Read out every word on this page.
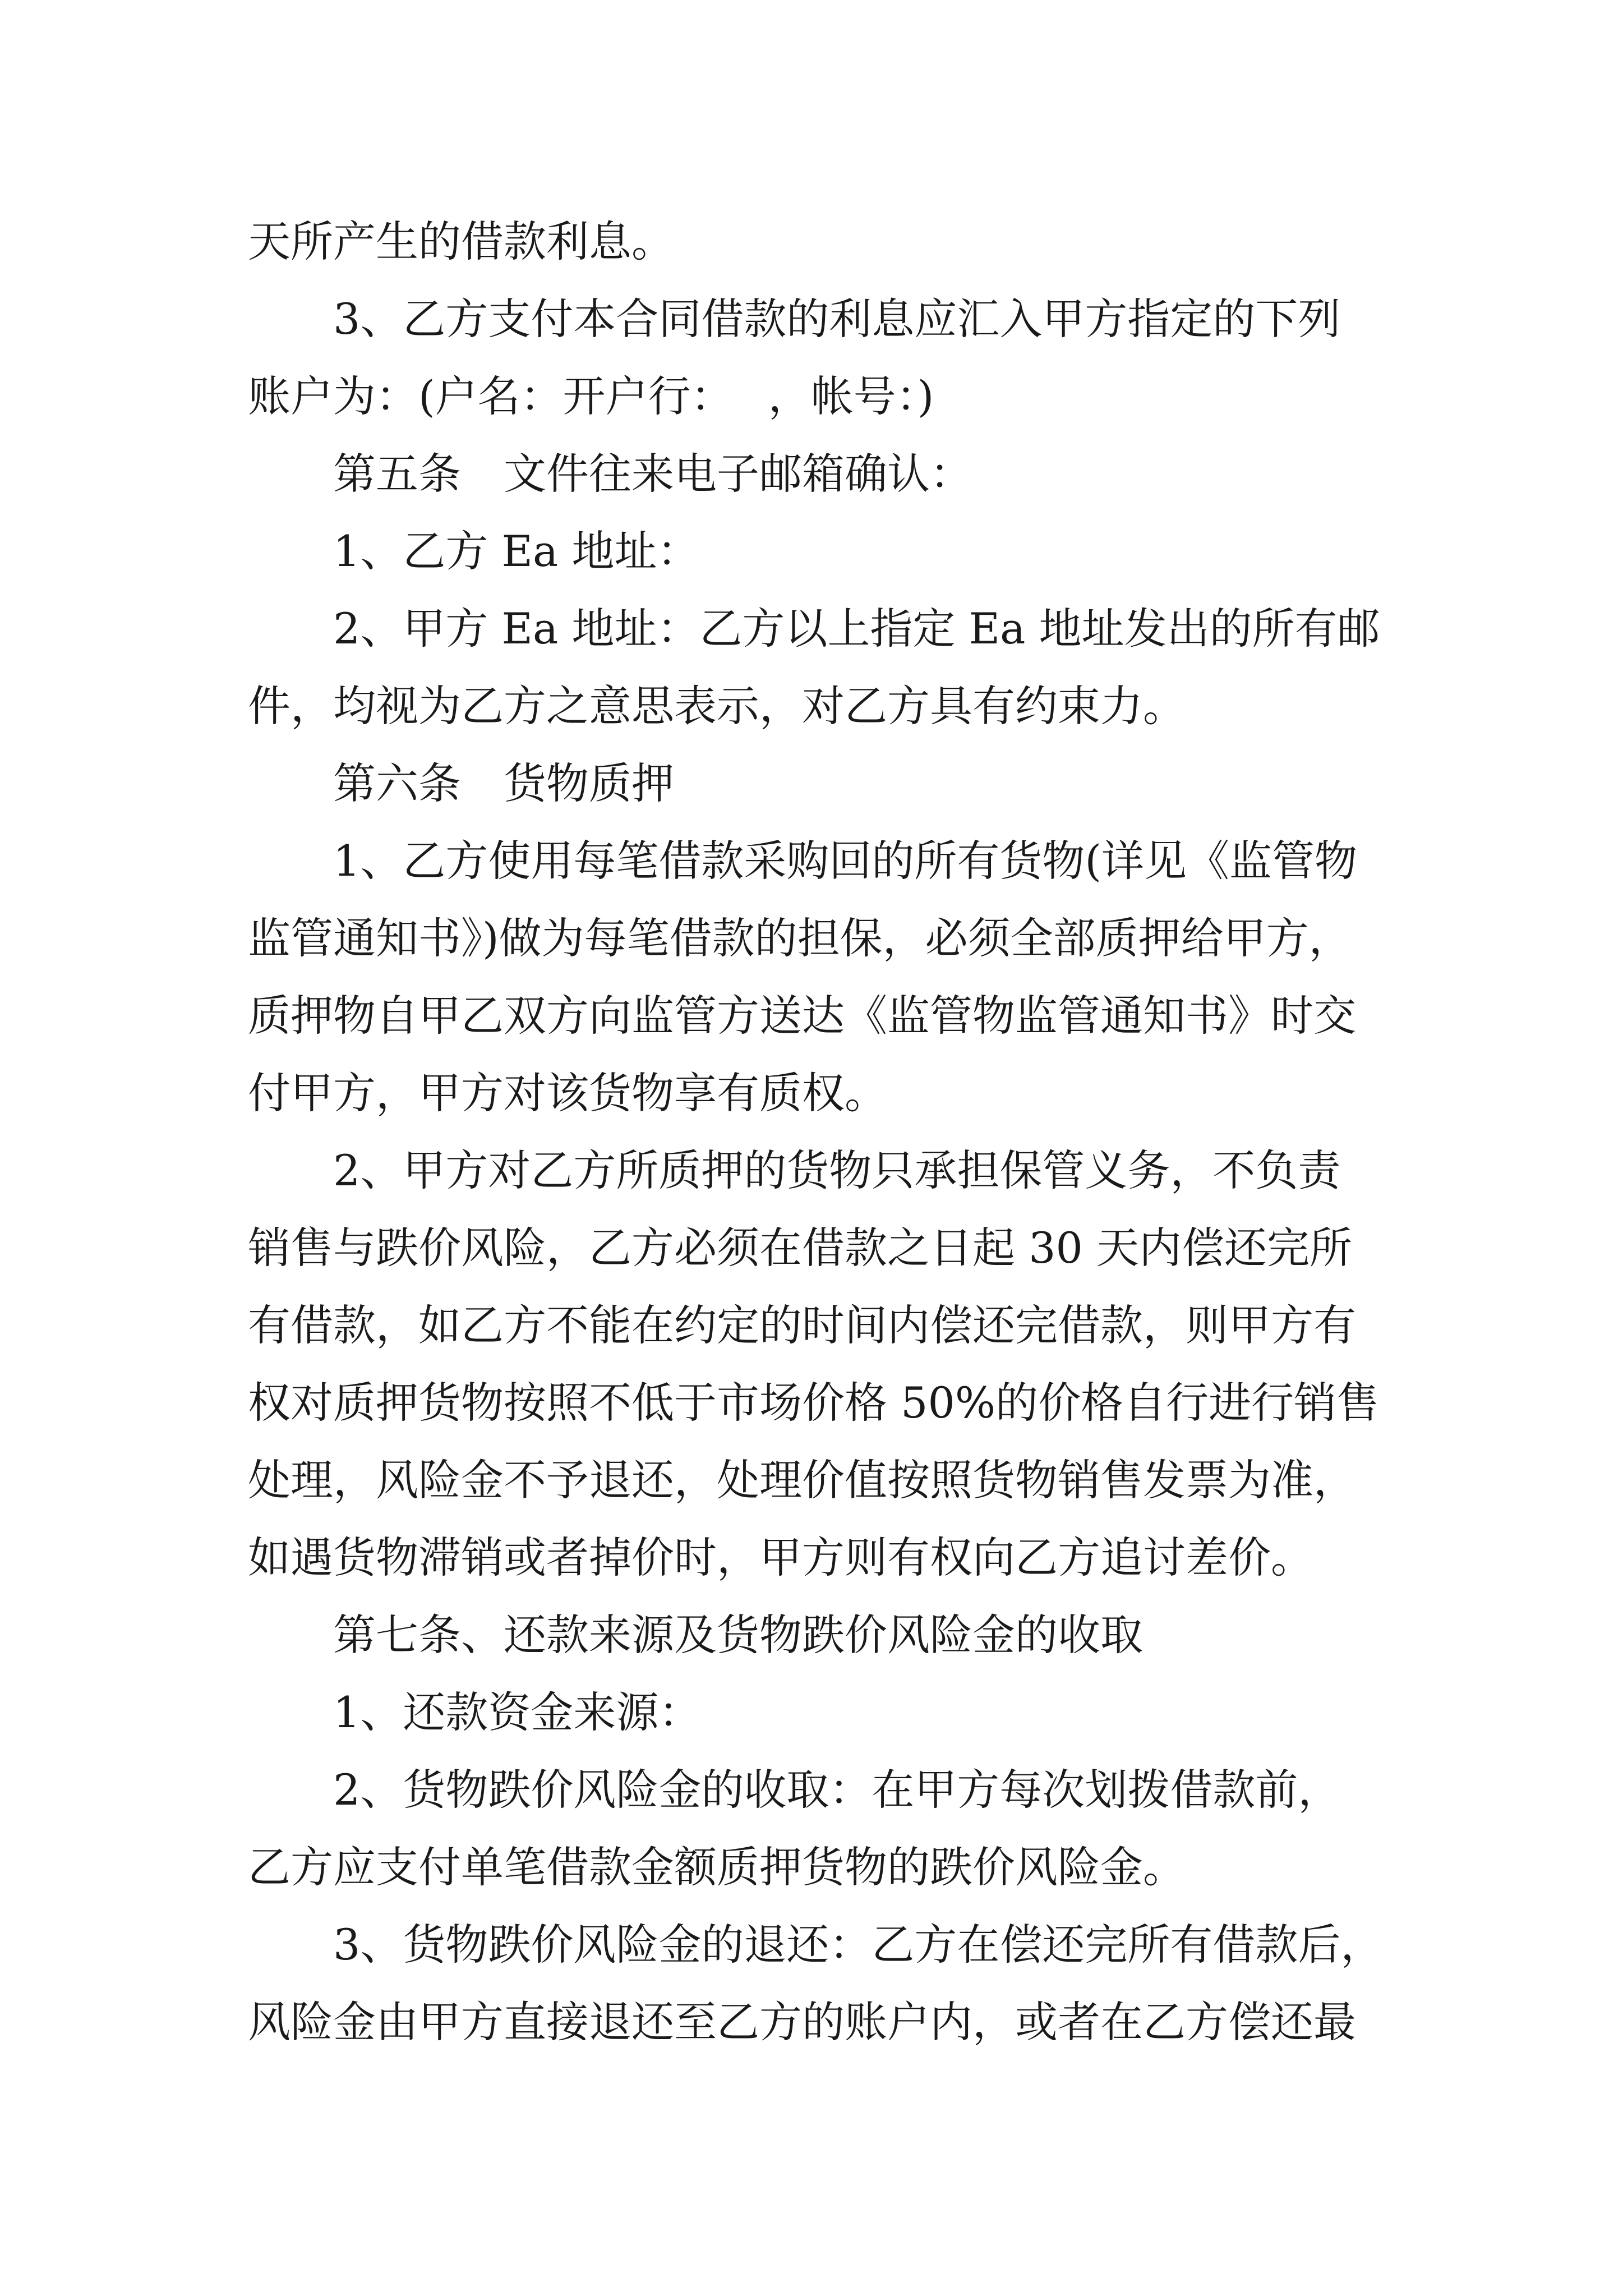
天所产生的借款利息。
3、乙方支付本合同借款的利息应汇入甲方指定的下列
账户为：(户名：开户行：　 ，帐号：)
第五条　文件往来电子邮箱确认：
1、乙方 Ea 地址：
2、甲方 Ea 地址：乙方以上指定 Ea 地址发出的所有邮
件，均视为乙方之意思表示，对乙方具有约束力。
第六条　货物质押
1、乙方使用每笔借款采购回的所有货物(详见《监管物
监管通知书》)做为每笔借款的担保，必须全部质押给甲方，
质押物自甲乙双方向监管方送达《监管物监管通知书》时交
付甲方，甲方对该货物享有质权。
2、甲方对乙方所质押的货物只承担保管义务，不负责
销售与跌价风险，乙方必须在借款之日起 30 天内偿还完所
有借款，如乙方不能在约定的时间内偿还完借款，则甲方有
权对质押货物按照不低于市场价格 50%的价格自行进行销售
处理，风险金不予退还，处理价值按照货物销售发票为准，
如遇货物滞销或者掉价时，甲方则有权向乙方追讨差价。
第七条、还款来源及货物跌价风险金的收取
1、还款资金来源：
2、货物跌价风险金的收取：在甲方每次划拨借款前，
乙方应支付单笔借款金额质押货物的跌价风险金。
3、货物跌价风险金的退还：乙方在偿还完所有借款后，
风险金由甲方直接退还至乙方的账户内，或者在乙方偿还最
